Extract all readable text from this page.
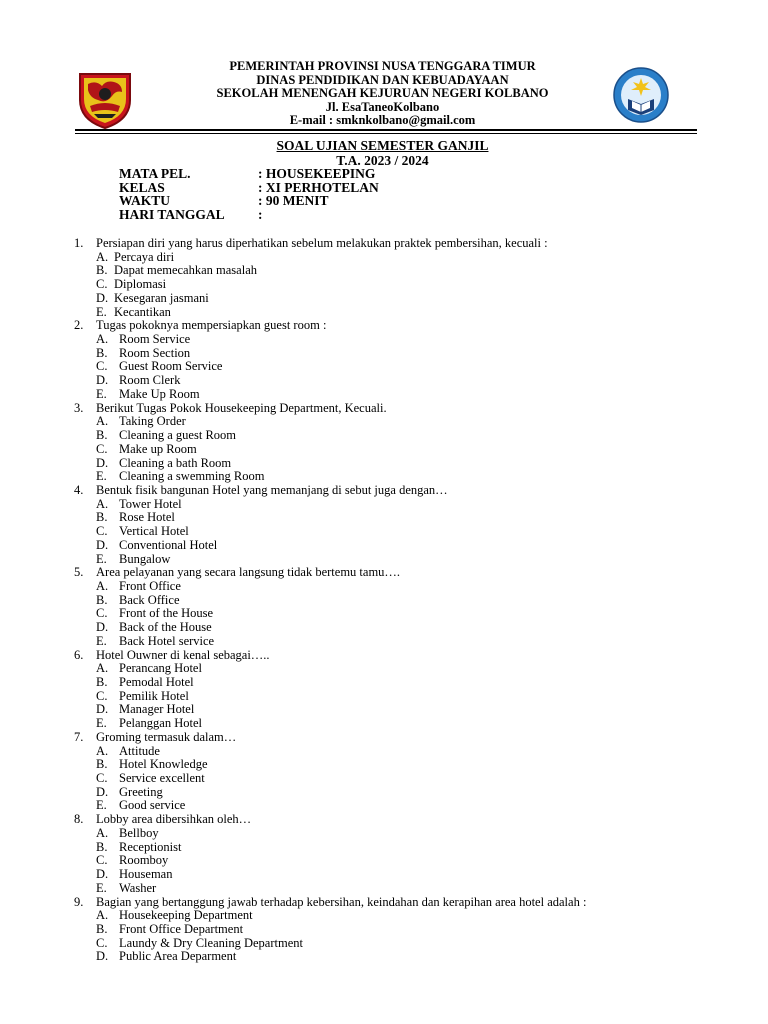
PEMERINTAH PROVINSI NUSA TENGGARA TIMUR
DINAS PENDIDIKAN DAN KEBUADAYAAN
SEKOLAH MENENGAH KEJURUAN NEGERI KOLBANO
Jl. EsaTaneoKolbano
E-mail : smknkolbano@gmail.com
SOAL UJIAN SEMESTER GANJIL
T.A. 2023 / 2024
MATA PEL.	: HOUSEKEEPING
KELAS	: XI PERHOTELAN
WAKTU	: 90 MENIT
HARI TANGGAL	:
1.	Persiapan diri yang harus diperhatikan sebelum melakukan praktek pembersihan, kecuali :
A. Percaya diri
B. Dapat memecahkan masalah
C. Diplomasi
D. Kesegaran jasmani
E. Kecantikan
2.	Tugas pokoknya mempersiapkan guest room :
A. Room Service
B. Room Section
C. Guest Room Service
D. Room Clerk
E. Make Up Room
3.	Berikut Tugas Pokok Housekeeping Department, Kecuali.
A. Taking Order
B. Cleaning a guest Room
C. Make up Room
D. Cleaning a bath Room
E. Cleaning a swemming Room
4.	Bentuk fisik bangunan Hotel yang memanjang di sebut juga dengan…
A. Tower Hotel
B. Rose Hotel
C. Vertical Hotel
D. Conventional Hotel
E. Bungalow
5.	Area pelayanan yang secara langsung tidak bertemu tamu….
A. Front Office
B. Back Office
C. Front of the House
D. Back of the House
E. Back Hotel service
6.	Hotel Ouwner di kenal sebagai…..
A. Perancang Hotel
B. Pemodal Hotel
C. Pemilik Hotel
D. Manager Hotel
E. Pelanggan Hotel
7.	Groming termasuk dalam…
A. Attitude
B. Hotel Knowledge
C. Service excellent
D. Greeting
E. Good service
8.	Lobby area dibersihkan oleh…
A. Bellboy
B. Receptionist
C. Roomboy
D. Houseman
E. Washer
9.	Bagian yang bertanggung jawab terhadap kebersihan, keindahan dan kerapihan area hotel adalah :
A. Housekeeping Department
B. Front Office Department
C. Laundy & Dry Cleaning Department
D. Public Area Deparment
